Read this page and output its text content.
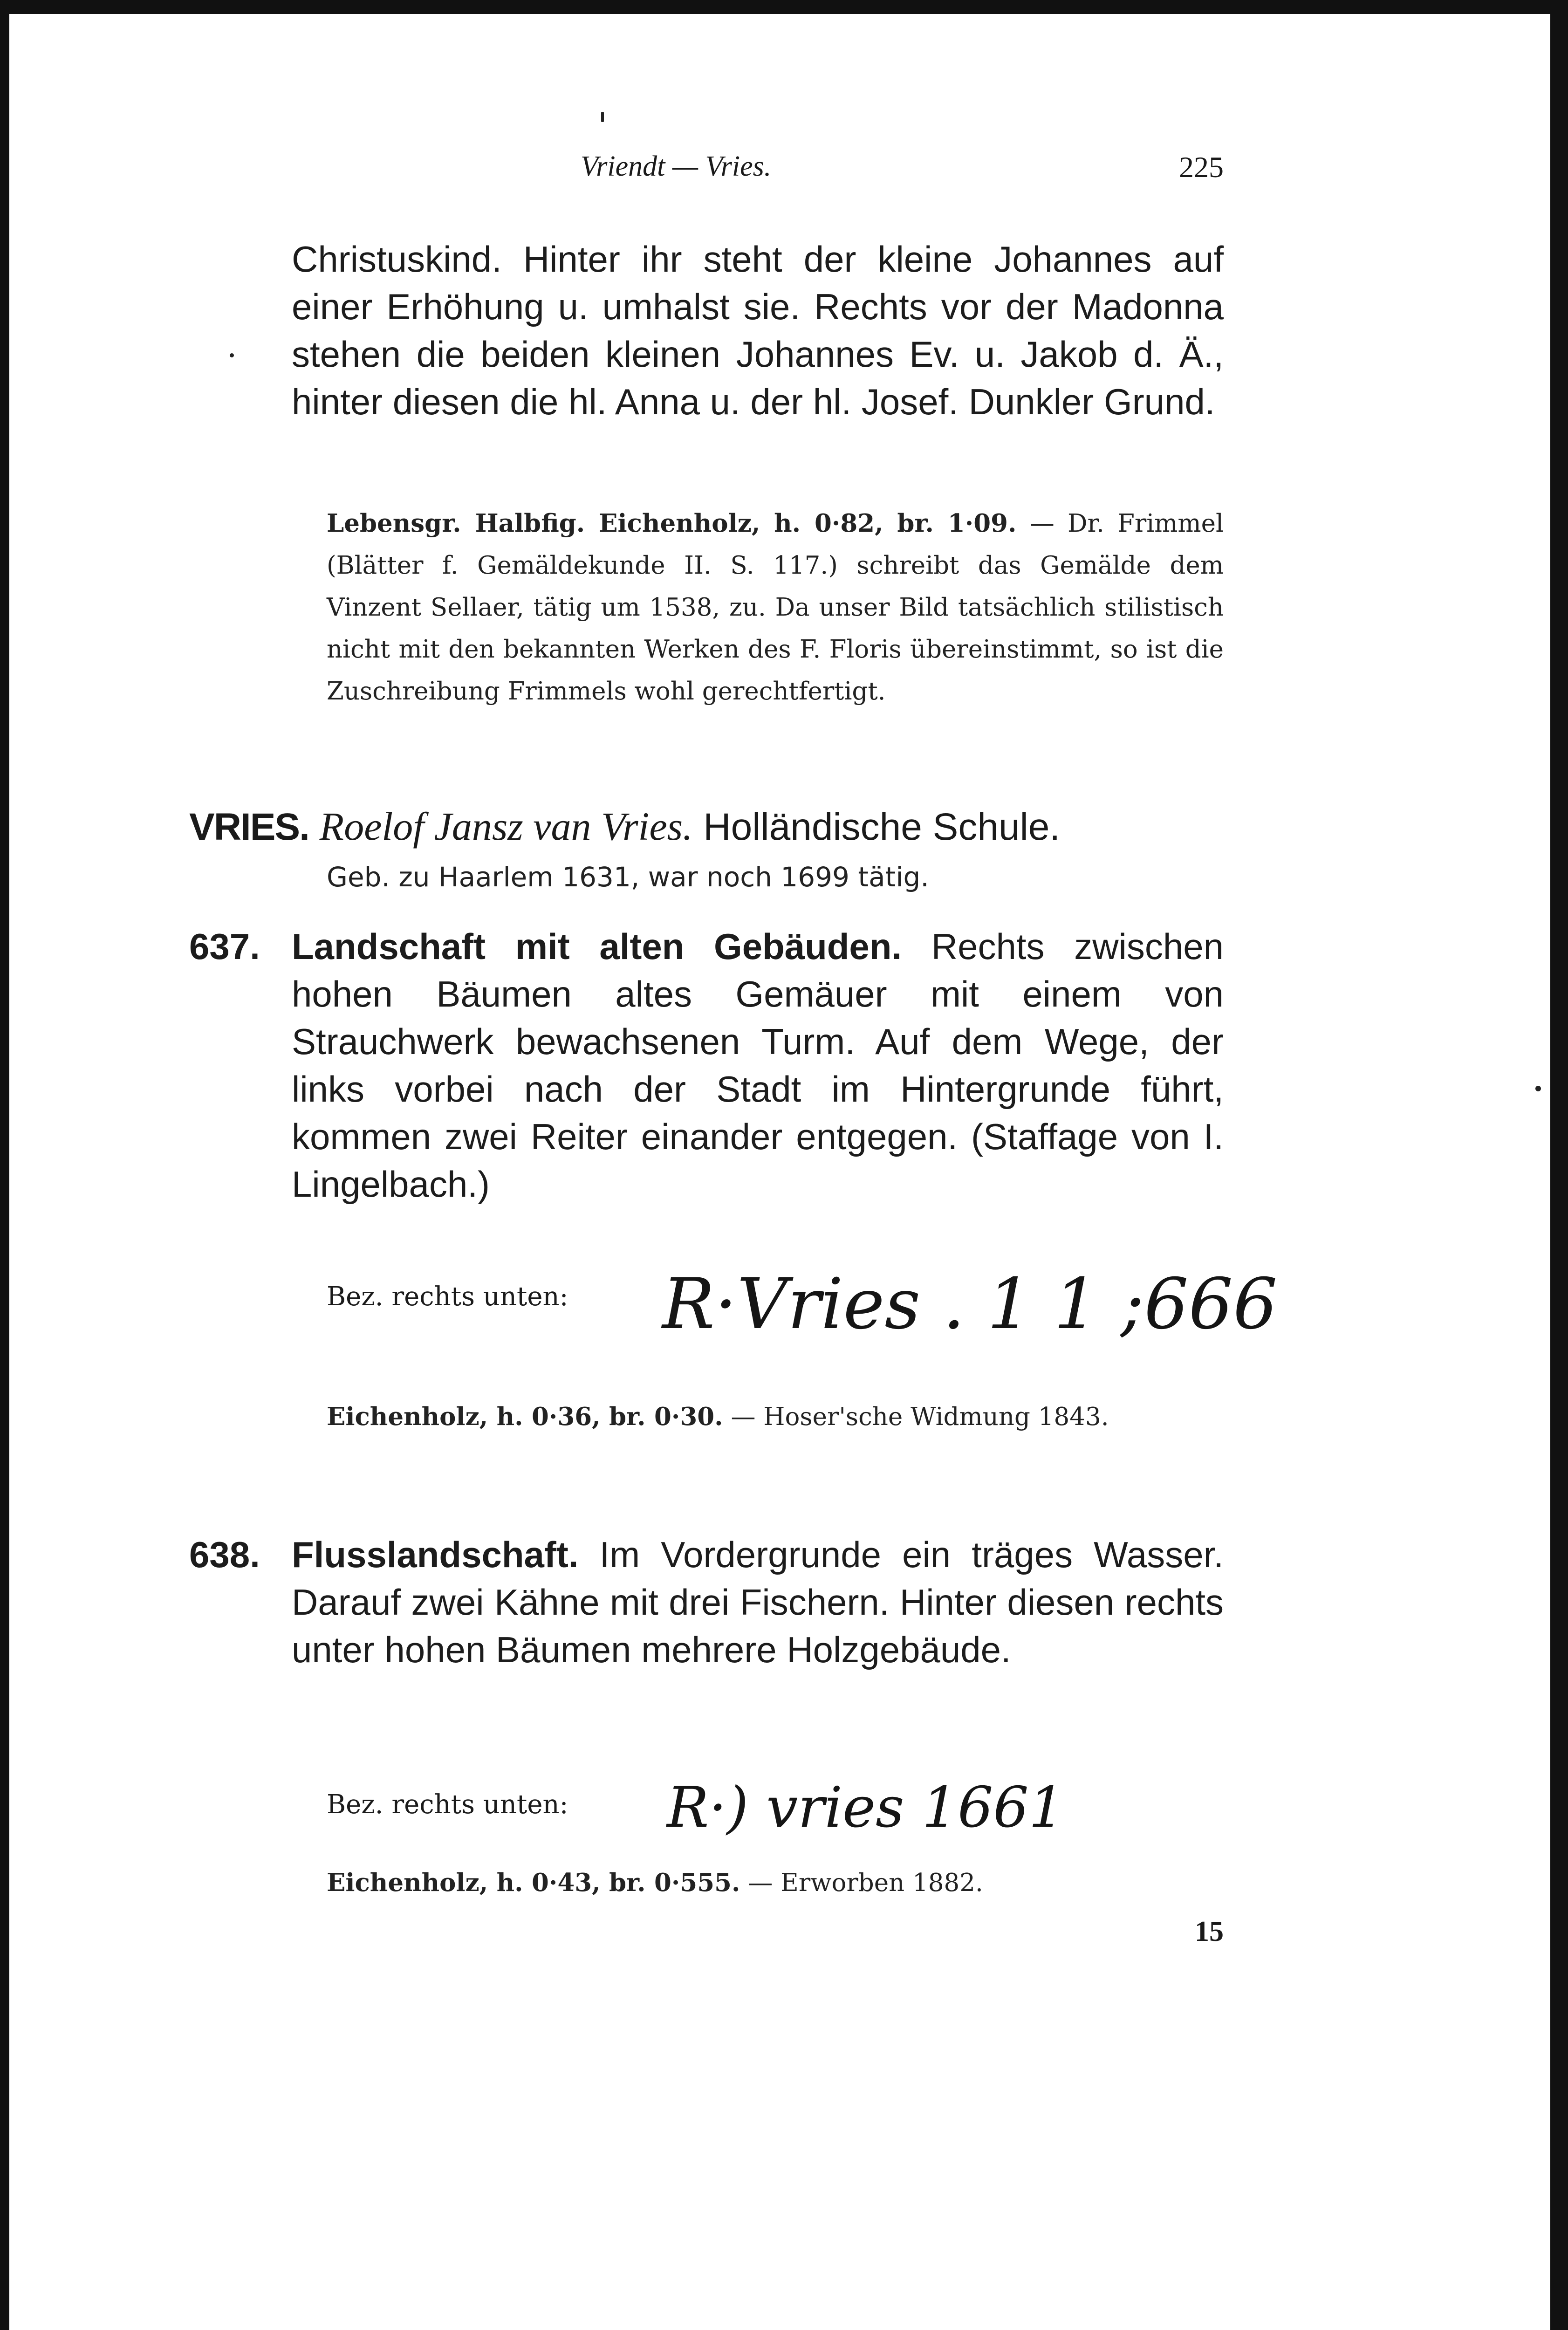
Vriendt — Vries.	225
Christuskind. Hinter ihr steht der kleine Johannes auf einer Erhöhung u. umhalst sie. Rechts vor der Madonna stehen die beiden kleinen Johannes Ev. u. Jakob d. Ä., hinter diesen die hl. Anna u. der hl. Josef. Dunkler Grund.
Lebensgr. Halbfig. Eichenholz, h. 0·82, br. 1·09. — Dr. Frimmel (Blätter f. Gemäldekunde II. S. 117.) schreibt das Gemälde dem Vinzent Sellaer, tätig um 1538, zu. Da unser Bild tatsächlich stilistisch nicht mit den bekannten Werken des F. Floris übereinstimmt, so ist die Zuschreibung Frimmels wohl gerechtfertigt.
VRIES. Roelof Jansz van Vries. Holländische Schule.
Geb. zu Haarlem 1631, war noch 1699 tätig.
637. Landschaft mit alten Gebäuden. Rechts zwischen hohen Bäumen altes Gemäuer mit einem von Strauchwerk bewachsenen Turm. Auf dem Wege, der links vorbei nach der Stadt im Hintergrunde führt, kommen zwei Reiter einander entgegen. (Staffage von I. Lingelbach.)
Bez. rechts unten: R·Vries . 1 1 ;666
Eichenholz, h. 0·36, br. 0·30. — Hoser'sche Widmung 1843.
638. Flusslandschaft. Im Vordergrunde ein träges Wasser. Darauf zwei Kähne mit drei Fischern. Hinter diesen rechts unter hohen Bäumen mehrere Holzgebäude.
Bez. rechts unten: R·) vries 1661
Eichenholz, h. 0·43, br. 0·555. — Erworben 1882.
15
